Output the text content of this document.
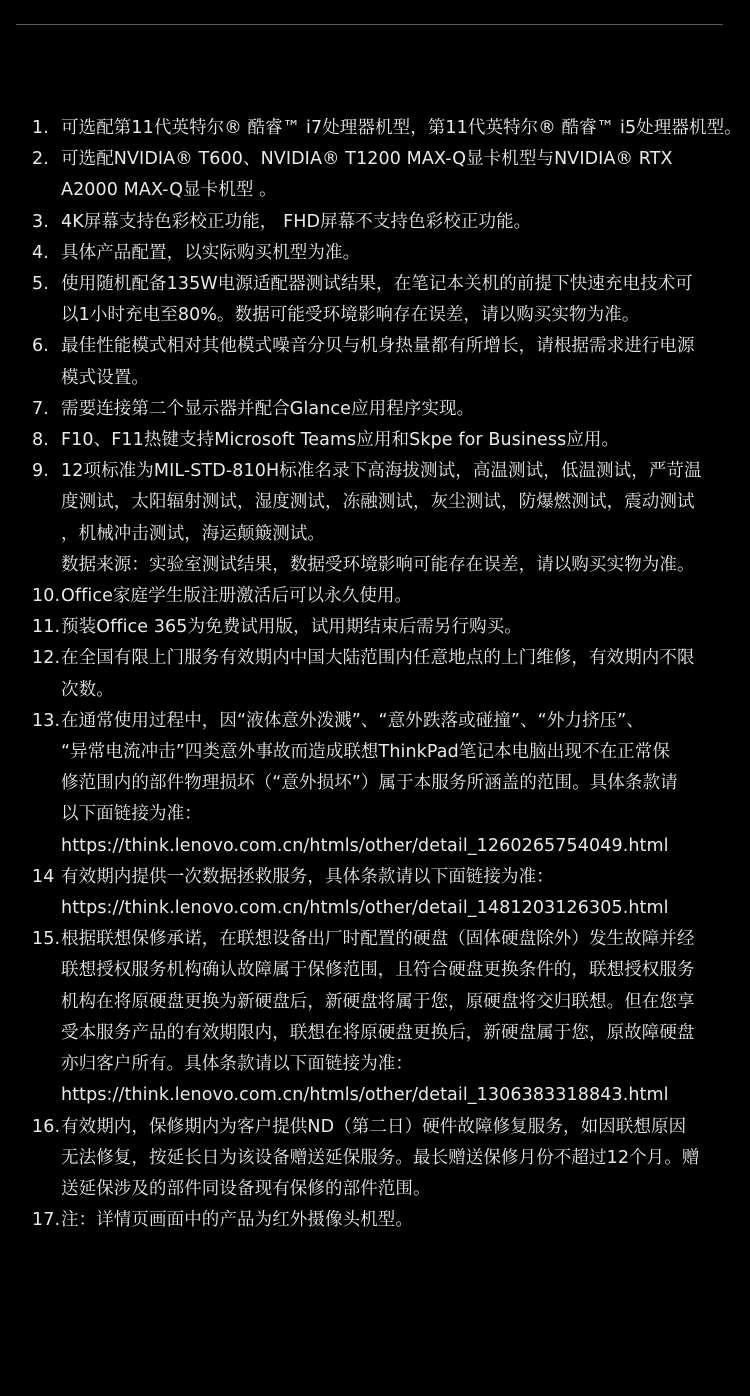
1. 可选配第11代英特尔® 酷睿™ i7处理器机型，第11代英特尔® 酷睿™ i5处理器机型。
2. 可选配NVIDIA® T600、NVIDIA® T1200 MAX-Q显卡机型与NVIDIA® RTX
A2000 MAX-Q显卡机型 。
3. 4K屏幕支持色彩校正功能， FHD屏幕不支持色彩校正功能。
4. 具体产品配置，以实际购买机型为准。
5. 使用随机配备135W电源适配器测试结果，在笔记本关机的前提下快速充电技术可
以1小时充电至80%。数据可能受环境影响存在误差，请以购买实物为准。
6. 最佳性能模式相对其他模式噪音分贝与机身热量都有所增长，请根据需求进行电源
模式设置。
7. 需要连接第二个显示器并配合Glance应用程序实现。
8. F10、F11热键支持Microsoft Teams应用和Skpe for Business应用。
9. 12项标准为MIL-STD-810H标准名录下高海拔测试，高温测试，低温测试，严苛温
度测试，太阳辐射测试，湿度测试，冻融测试，灰尘测试，防爆燃测试，震动测试
，机械冲击测试，海运颠簸测试。
数据来源：实验室测试结果，数据受环境影响可能存在误差，请以购买实物为准。
10. Office家庭学生版注册激活后可以永久使用。
11. 预装Office 365为免费试用版，试用期结束后需另行购买。
12. 在全国有限上门服务有效期内中国大陆范围内任意地点的上门维修，有效期内不限
次数。
13. 在通常使用过程中，因“液体意外泼溅”、“意外跌落或碰撞”、“外力挤压”、
“异常电流冲击”四类意外事故而造成联想ThinkPad笔记本电脑出现不在正常保
修范围内的部件物理损坏（“意外损坏”）属于本服务所涵盖的范围。具体条款请
以下面链接为准：
https://think.lenovo.com.cn/htmls/other/detail_1260265754049.html
14 有效期内提供一次数据拯救服务，具体条款请以下面链接为准：
https://think.lenovo.com.cn/htmls/other/detail_1481203126305.html
15. 根据联想保修承诺，在联想设备出厂时配置的硬盘（固体硬盘除外）发生故障并经
联想授权服务机构确认故障属于保修范围，且符合硬盘更换条件的，联想授权服务
机构在将原硬盘更换为新硬盘后，新硬盘将属于您，原硬盘将交归联想。但在您享
受本服务产品的有效期限内，联想在将原硬盘更换后，新硬盘属于您，原故障硬盘
亦归客户所有。具体条款请以下面链接为准：
https://think.lenovo.com.cn/htmls/other/detail_1306383318843.html
16. 有效期内，保修期内为客户提供ND（第二日）硬件故障修复服务，如因联想原因
无法修复，按延长日为该设备赠送延保服务。最长赠送保修月份不超过12个月。赠
送延保涉及的部件同设备现有保修的部件范围。
17. 注：详情页画面中的产品为红外摄像头机型。
